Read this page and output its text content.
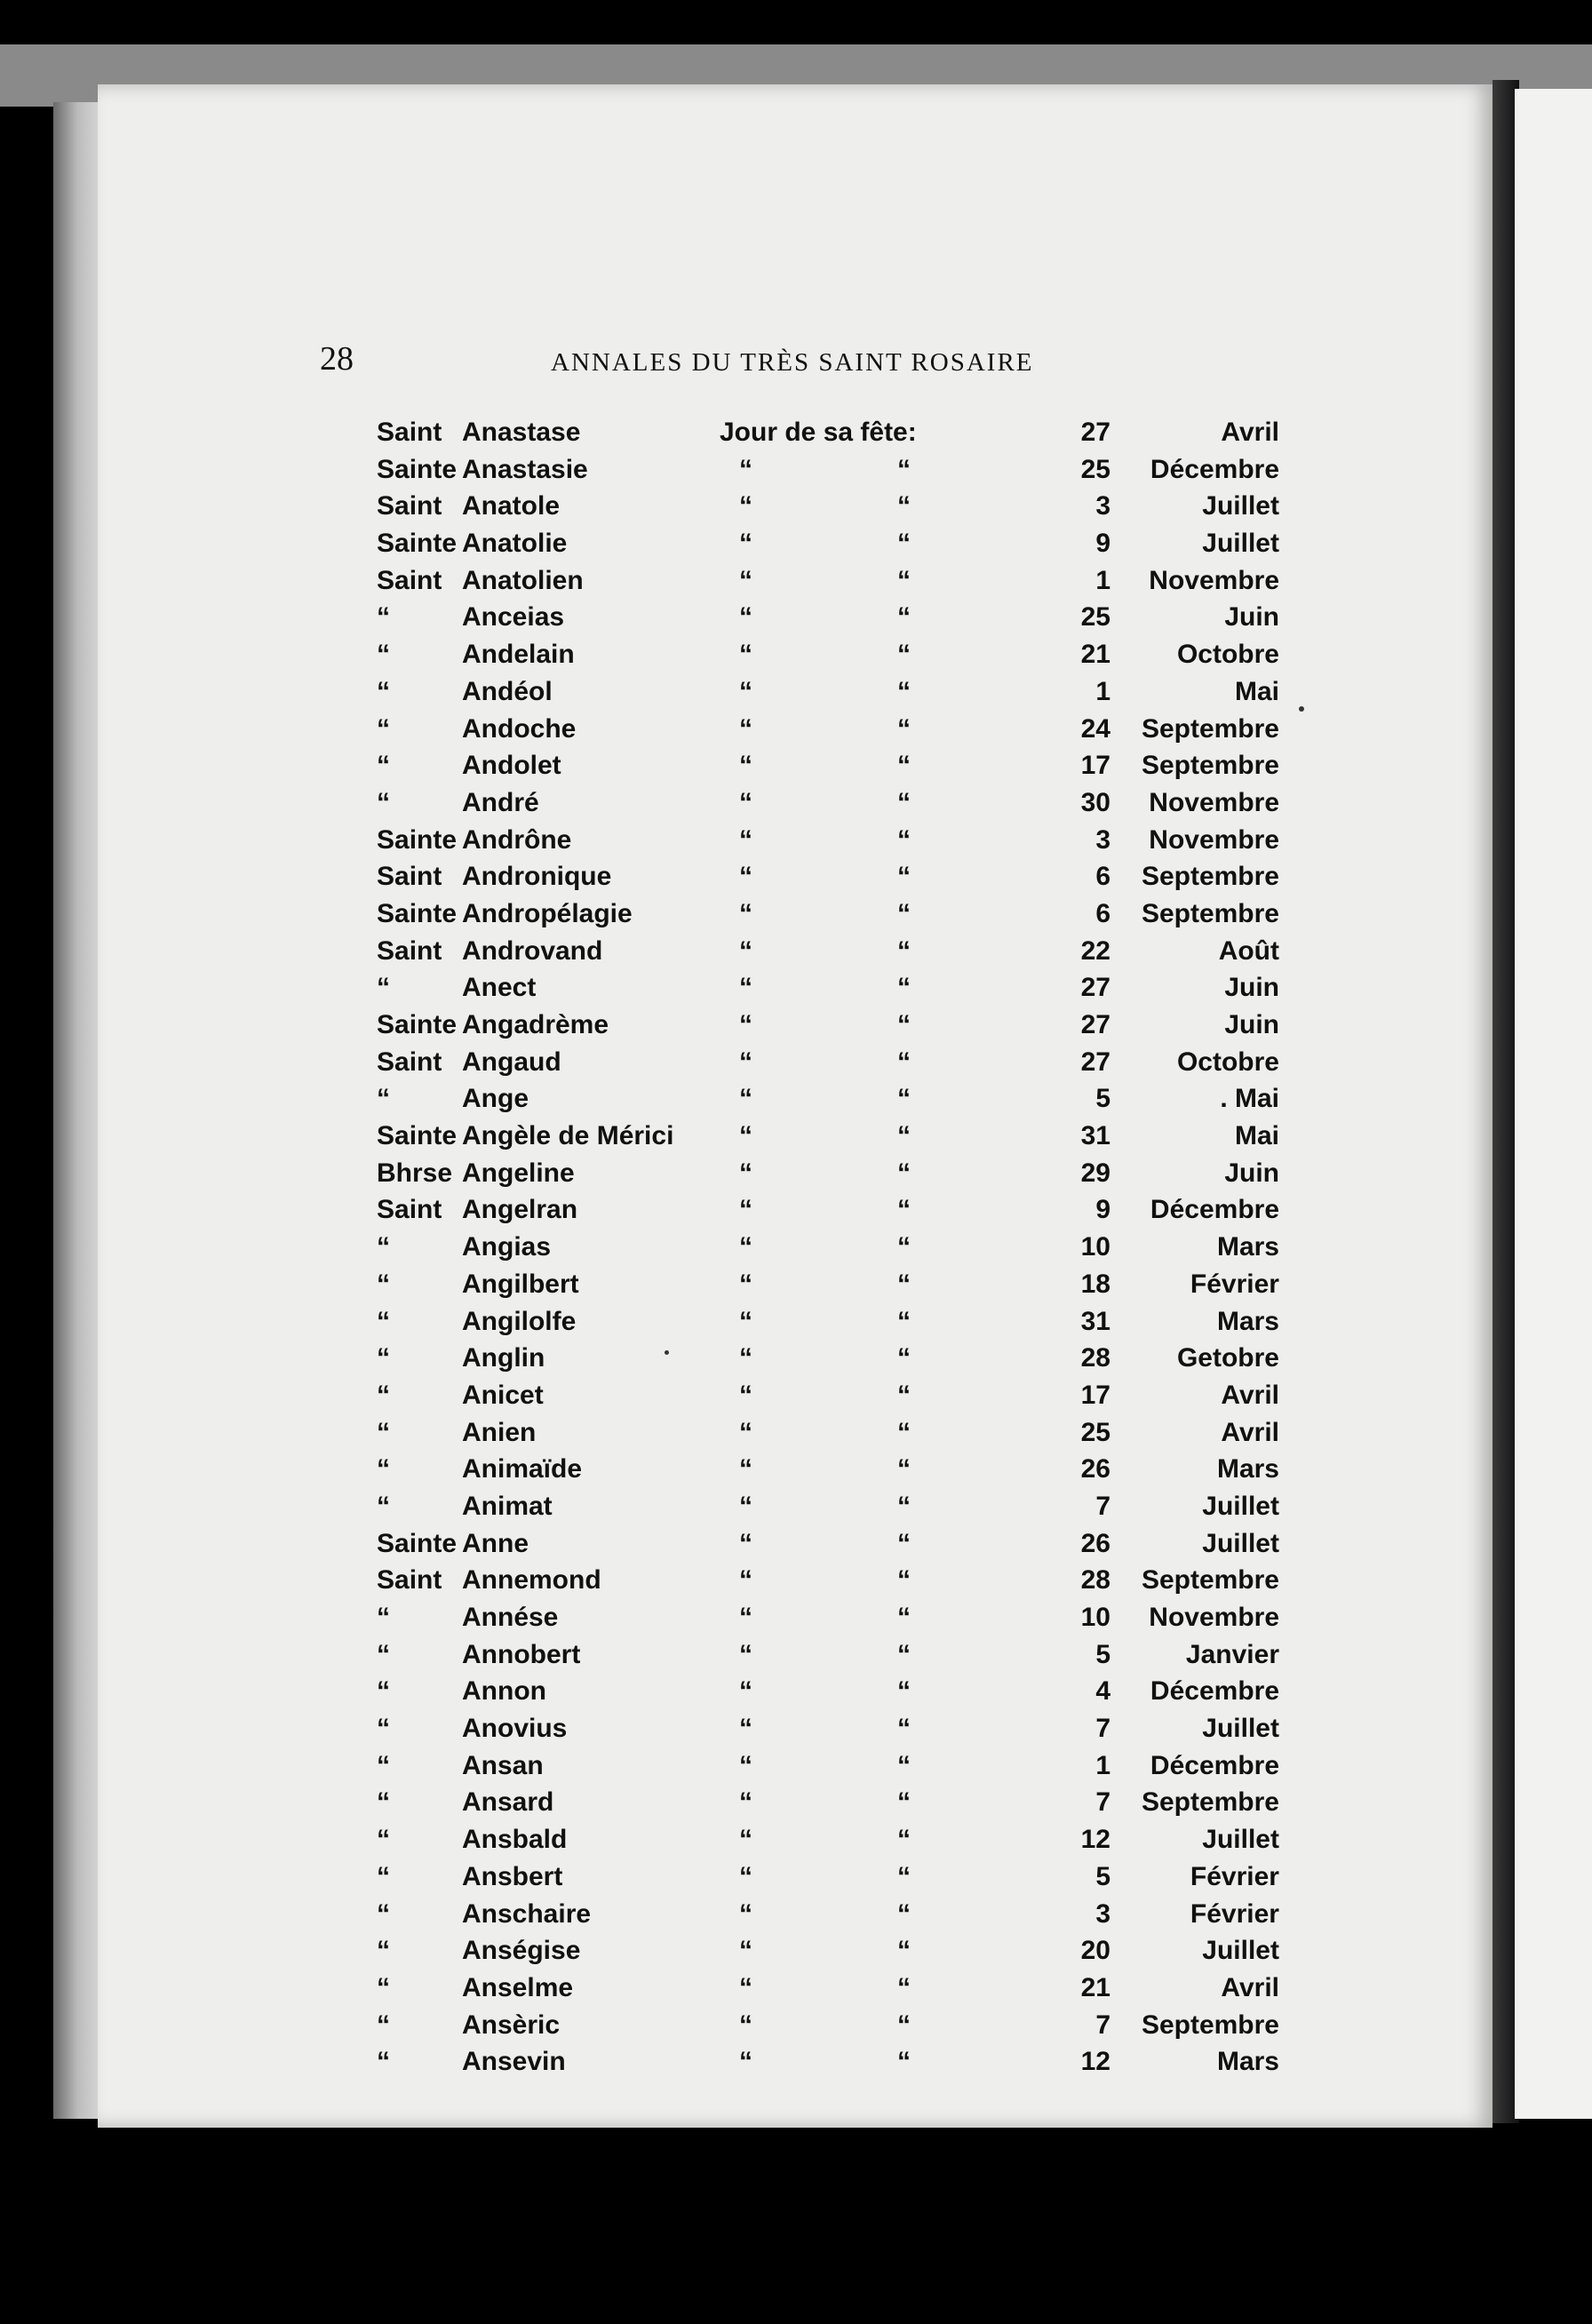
28	ANNALES DU TRÈS SAINT ROSAIRE
Saint Anastase	Jour de sa fête:	27	Avril
Sainte Anastasie	“	“	25	Décembre
Saint Anatole	“	“	3	Juillet
Sainte Anatolie	“	“	9	Juillet
Saint Anatolien	“	“	1	Novembre
“	Anceias	“	“	25	Juin
“	Andelain	“	“	21	Octobre
“	Andéol	“	“	1	Mai
“	Andoche	“	“	24	Septembre
“	Andolet	“	“	17	Septembre
“	André	“	“	30	Novembre
Sainte Andrône	“	“	3	Novembre
Saint Andronique	“	“	6	Septembre
Sainte Andropélagie	“	“	6	Septembre
Saint Androvand	“	“	22	Août
“	Anect	“	“	27	Juin
Sainte Angadrème	“	“	27	Juin
Saint Angaud	“	“	27	Octobre
“	Ange	“	“	5	. Mai
Sainte Angèle de Mérici “	“	31	Mai
Bhrse Angeline	“	“	29	Juin
Saint Angelran	“	“	9	Décembre
“	Angias	“	“	10	Mars
“	Angilbert	“	“	18	Février
“	Angilolfe	“	“	31	Mars
“	Anglin	“	“	28	Getobre
“	Anicet	“	“	17	Avril
“	Anien	“	“	25	Avril
“	Animaïde	“	“	26	Mars
“	Animat	“	“	7	Juillet
Sainte Anne	“	“	26	Juillet
Saint Annemond	“	“	28	Septembre
“	Annése	“	“	10	Novembre
“	Annobert	“	“	5	Janvier
“	Annon	“	“	4	Décembre
“	Anovius	“	“	7	Juillet
“	Ansan	“	“	1	Décembre
“	Ansard	“	“	7	Septembre
“	Ansbald	“	“	12	Juillet
“	Ansbert	“	“	5	Février
“	Anschaire	“	“	3	Février
“	Anségise	“	“	20	Juillet
“	Anselme	“	“	21	Avril
“	Ansèric	“	“	7	Septembre
“	Ansevin	“	“	12	Mars
